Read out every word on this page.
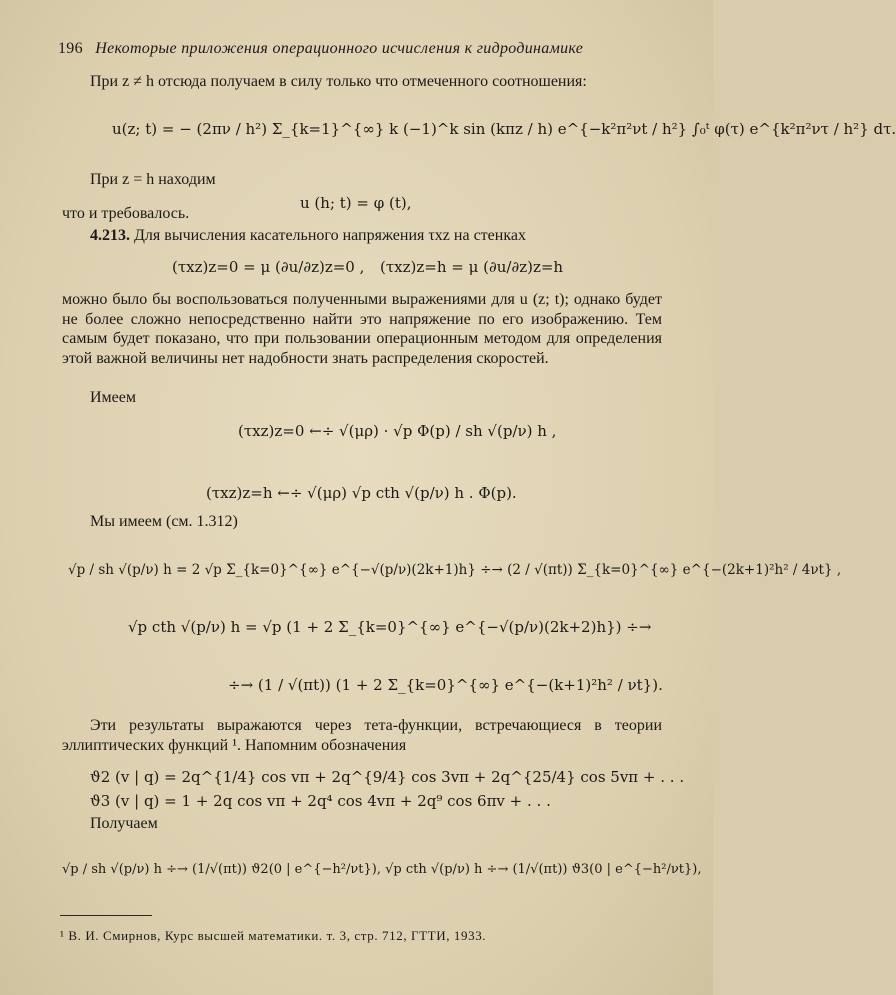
196 Некоторые приложения операционного исчисления к гидродинамике
При z ≠ h отсюда получаем в силу только что отмеченного соотношения:
u(z; t) = − (2πν / h²) Σ_{k=1}^{∞} k (−1)^k sin (kπz / h) e^{−k²π²νt / h²} ∫₀ᵗ φ(τ) e^{k²π²ντ / h²} dτ.
При z = h находим
u (h; t) = φ (t),
что и требовалось.
4.213. Для вычисления касательного напряжения τxz на стенках
(τxz)z=0 = μ (∂u/∂z)z=0 , (τxz)z=h = μ (∂u/∂z)z=h
можно было бы воспользоваться полученными выражениями для u (z; t); однако будет не более сложно непосредственно найти это напряжение по его изображению. Тем самым будет показано, что при пользовании операционным методом для определения этой важной величины нет надобности знать распределения скоростей.
Имеем
(τxz)z=0 ←÷ √(μρ) · √p Φ(p) / sh √(p/ν) h ,
(τxz)z=h ←÷ √(μρ) √p cth √(p/ν) h . Φ(p).
Мы имеем (см. 1.312)
√p / sh √(p/ν) h = 2 √p Σ_{k=0}^{∞} e^{−√(p/ν)(2k+1)h} ÷→ (2 / √(πt)) Σ_{k=0}^{∞} e^{−(2k+1)²h² / 4νt} ,
√p cth √(p/ν) h = √p (1 + 2 Σ_{k=0}^{∞} e^{−√(p/ν)(2k+2)h}) ÷→
÷→ (1 / √(πt)) (1 + 2 Σ_{k=0}^{∞} e^{−(k+1)²h² / νt}).
Эти результаты выражаются через тета-функции, встречающиеся в теории эллиптических функций ¹. Напомним обозначения
ϑ2 (v | q) = 2q^{1/4} cos vπ + 2q^{9/4} cos 3vπ + 2q^{25/4} cos 5vπ + . . .
ϑ3 (v | q) = 1 + 2q cos vπ + 2q⁴ cos 4vπ + 2q⁹ cos 6πv + . . .
Получаем
√p / sh √(p/ν) h ÷→ (1/√(πt)) ϑ2(0 | e^{−h²/νt}), √p cth √(p/ν) h ÷→ (1/√(πt)) ϑ3(0 | e^{−h²/νt}),
¹ В. И. Смирнов, Курс высшей математики. т. 3, стр. 712, ГТТИ, 1933.
